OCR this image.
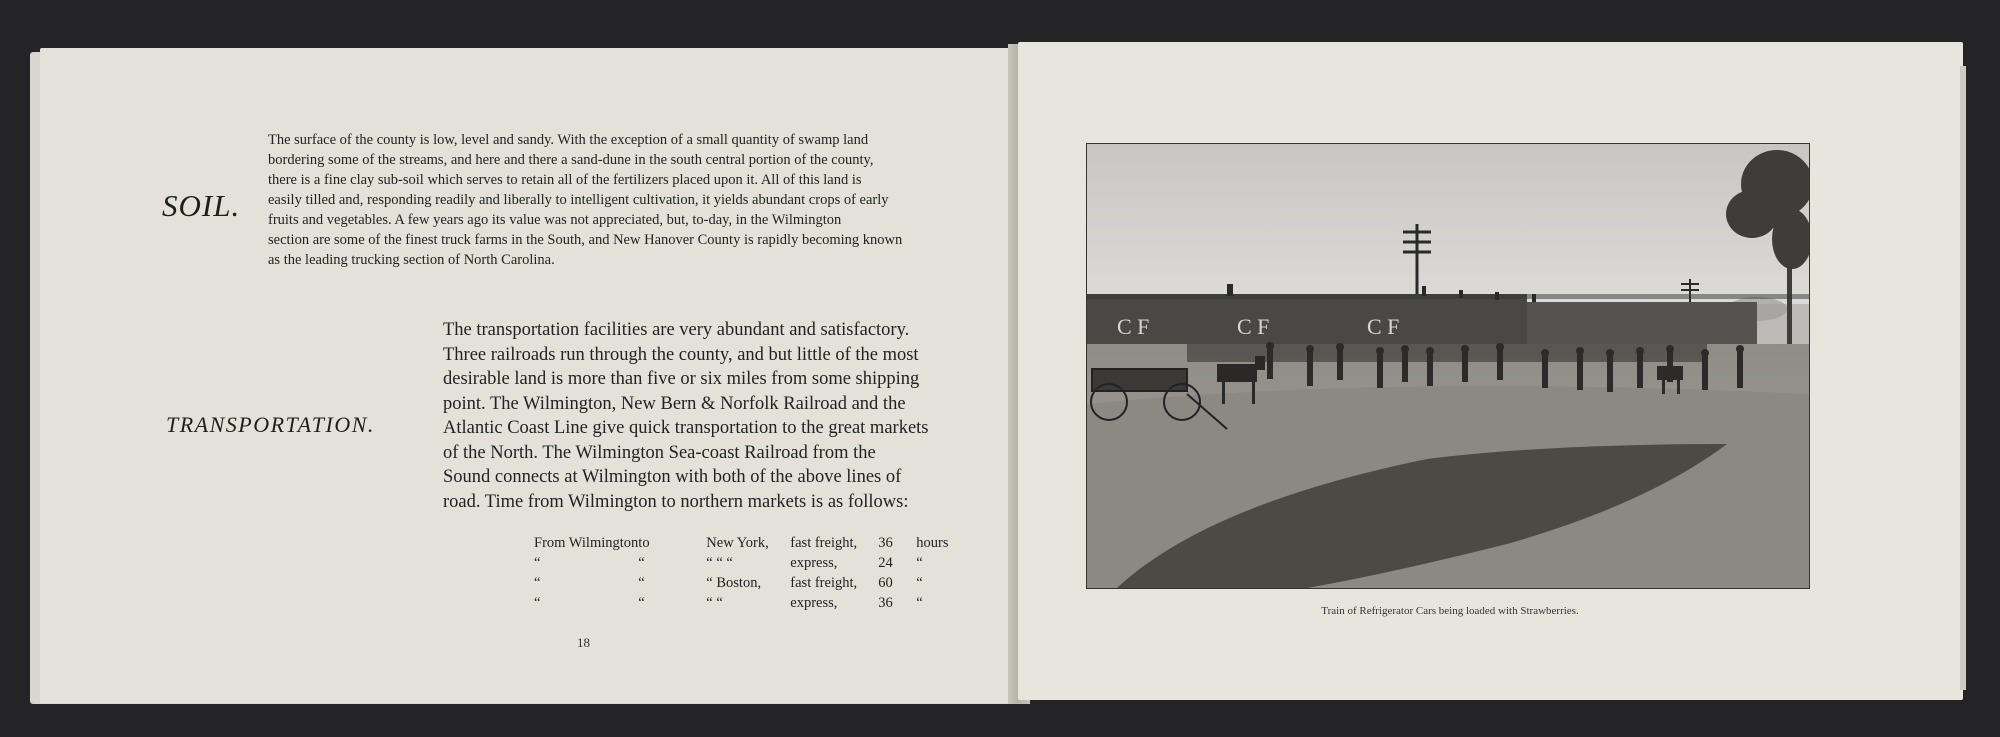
SOIL.
The surface of the county is low, level and sandy. With the exception of a small quantity of swamp land
bordering some of the streams, and here and there a sand-dune in the south central portion of the county,
there is a fine clay sub-soil which serves to retain all of the fertilizers placed upon it. All of this land is
easily tilled and, responding readily and liberally to intelligent cultivation, it yields abundant crops of early
fruits and vegetables. A few years ago its value was not appreciated, but, to-day, in the Wilmington
section are some of the finest truck farms in the South, and New Hanover County is rapidly becoming known
as the leading trucking section of North Carolina.
TRANSPORTATION.
The transportation facilities are very abundant and satisfactory.
Three railroads run through the county, and but little of the most
desirable land is more than five or six miles from some shipping
point. The Wilmington, New Bern & Norfolk Railroad and the
Atlantic Coast Line give quick transportation to the great markets
of the North. The Wilmington Sea-coast Railroad from the
Sound connects at Wilmington with both of the above lines of
road. Time from Wilmington to northern markets is as follows:
From Wilmington	to	New York,	fast freight,	36	hours
“	“	“ “ “	express,	24	“
“	“	“ Boston,	fast freight,	60	“
“	“	“ “	express,	36	“
18
C F	C F	C F
Train of Refrigerator Cars being loaded with Strawberries.
